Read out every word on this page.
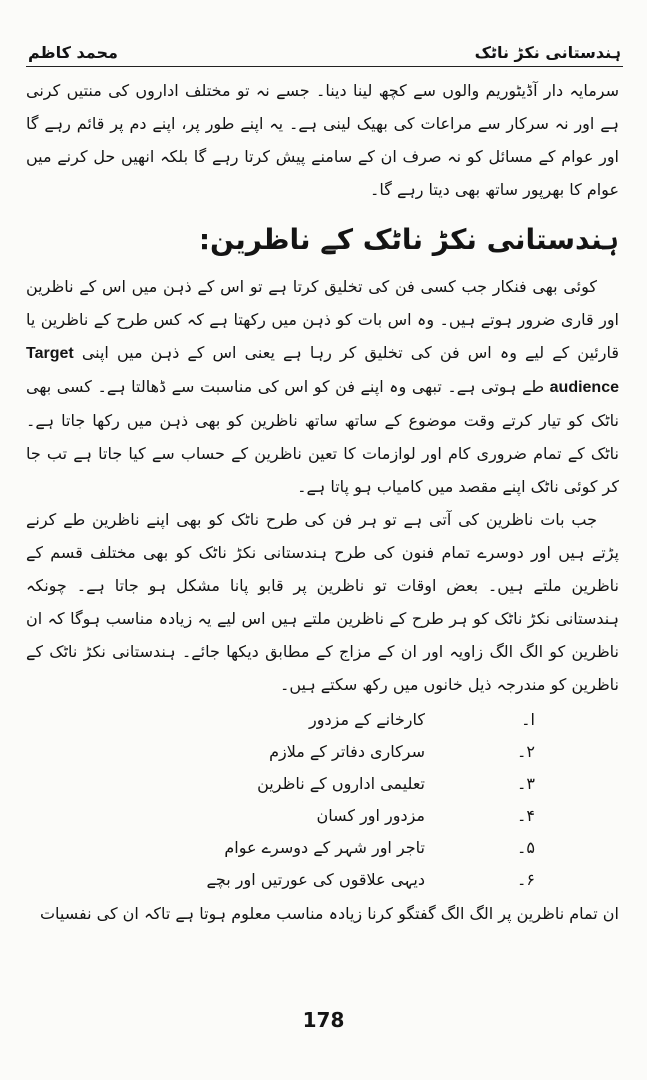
محمد کاظم	ہندستانی نکڑ ناٹک

سرمایہ دار آڈیٹوریم والوں سے کچھ لینا دینا۔ جسے نہ تو مختلف اداروں کی منتیں کرنی ہے اور نہ سرکار سے مراعات کی بھیک لینی ہے۔ یہ اپنے طور پر، اپنے دم پر قائم رہے گا اور عوام کے مسائل کو نہ صرف ان کے سامنے پیش کرتا رہے گا بلکہ انھیں حل کرنے میں عوام کا بھرپور ساتھ بھی دیتا رہے گا۔

ہندستانی نکڑ ناٹک کے ناظرین:

کوئی بھی فنکار جب کسی فن کی تخلیق کرتا ہے تو اس کے ذہن میں اس کے ناظرین اور قاری ضرور ہوتے ہیں۔ وہ اس بات کو ذہن میں رکھتا ہے کہ کس طرح کے ناظرین یا قارئین کے لیے وہ اس فن کی تخلیق کر رہا ہے یعنی اس کے ذہن میں اپنی Target audience طے ہوتی ہے۔ تبھی وہ اپنے فن کو اس کی مناسبت سے ڈھالتا ہے۔ کسی بھی ناٹک کو تیار کرتے وقت موضوع کے ساتھ ساتھ ناظرین کو بھی ذہن میں رکھا جاتا ہے۔ ناٹک کے تمام ضروری کام اور لوازمات کا تعین ناظرین کے حساب سے کیا جاتا ہے تب جا کر کوئی ناٹک اپنے مقصد میں کامیاب ہو پاتا ہے۔

جب بات ناظرین کی آتی ہے تو ہر فن کی طرح ناٹک کو بھی اپنے ناظرین طے کرنے پڑتے ہیں اور دوسرے تمام فنون کی طرح ہندستانی نکڑ ناٹک کو بھی مختلف قسم کے ناظرین ملتے ہیں۔ بعض اوقات تو ناظرین پر قابو پانا مشکل ہو جاتا ہے۔ چونکہ ہندستانی نکڑ ناٹک کو ہر طرح کے ناظرین ملتے ہیں اس لیے یہ زیادہ مناسب ہوگا کہ ان ناظرین کو الگ الگ زاویہ اور ان کے مزاج کے مطابق دیکھا جائے۔ ہندستانی نکڑ ناٹک کے ناظرین کو مندرجہ ذیل خانوں میں رکھ سکتے ہیں۔

ا۔
کارخانے کے مزدور
۲۔
سرکاری دفاتر کے ملازم
۳۔
تعلیمی اداروں کے ناظرین
۴۔
مزدور اور کسان
۵۔
تاجر اور شہر کے دوسرے عوام
۶۔
دیہی علاقوں کی عورتیں اور بچے

ان تمام ناظرین پر الگ الگ گفتگو کرنا زیادہ مناسب معلوم ہوتا ہے تاکہ ان کی نفسیات

178
